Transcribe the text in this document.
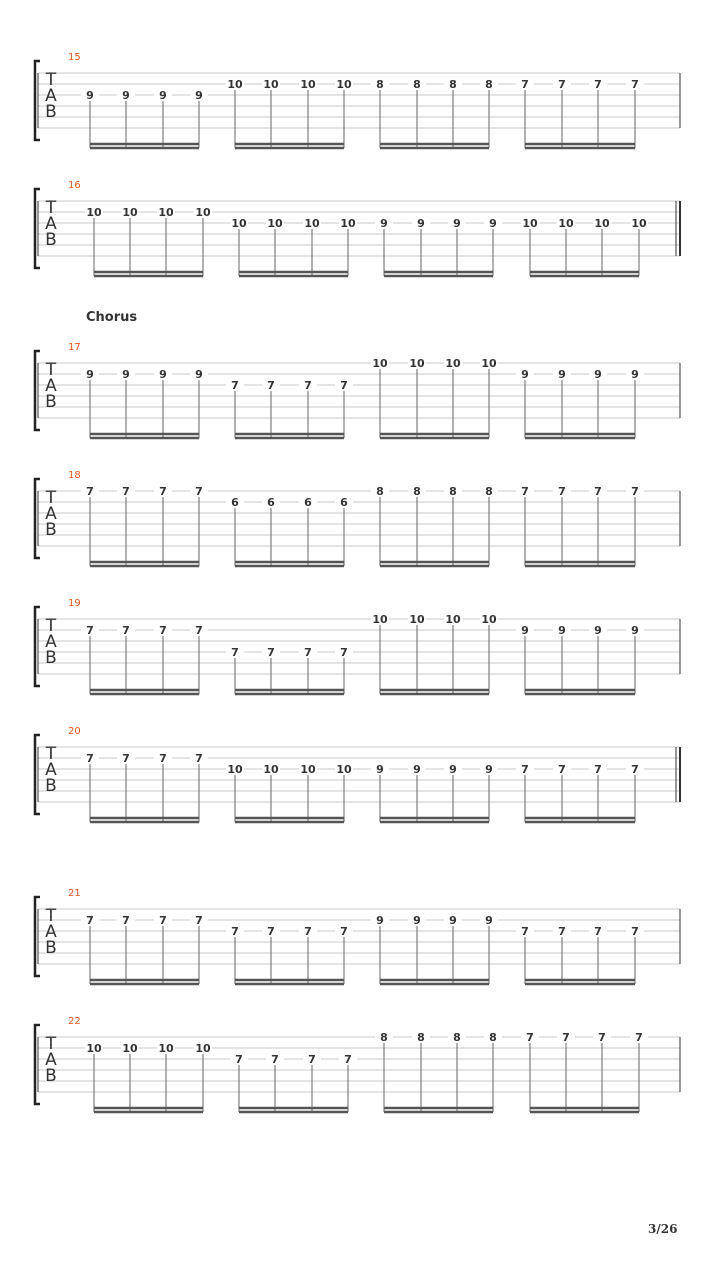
Chorus
15
T
A
B
9	9	9	9
10 10 10 10 8	8	8	8	7	7	7	7
16
T
A
B
10 10 10 10
10 10 10 10 9	9	9	9 10 10 10 10
17
T
A
B
9	9	9	9
7	7	7	7
10 10 10 10
9	9	9	9
18
T
A
B
7	7	7	7
6	6	6	6
8	8	8	8	7	7	7	7
19
T
A
B
7	7	7	7
7	7	7	7
10 10 10 10
9	9	9	9
20
T
A
B
7	7	7	7
10 10 10 10 9	9	9	9	7	7	7	7
21
T
A
B
7	7	7	7
7	7	7	7
9	9	9	9
7	7	7	7
22
T
A
B
10 10 10 10
7	7	7	7
8	8	8	8	7	7	7	7
3/26
